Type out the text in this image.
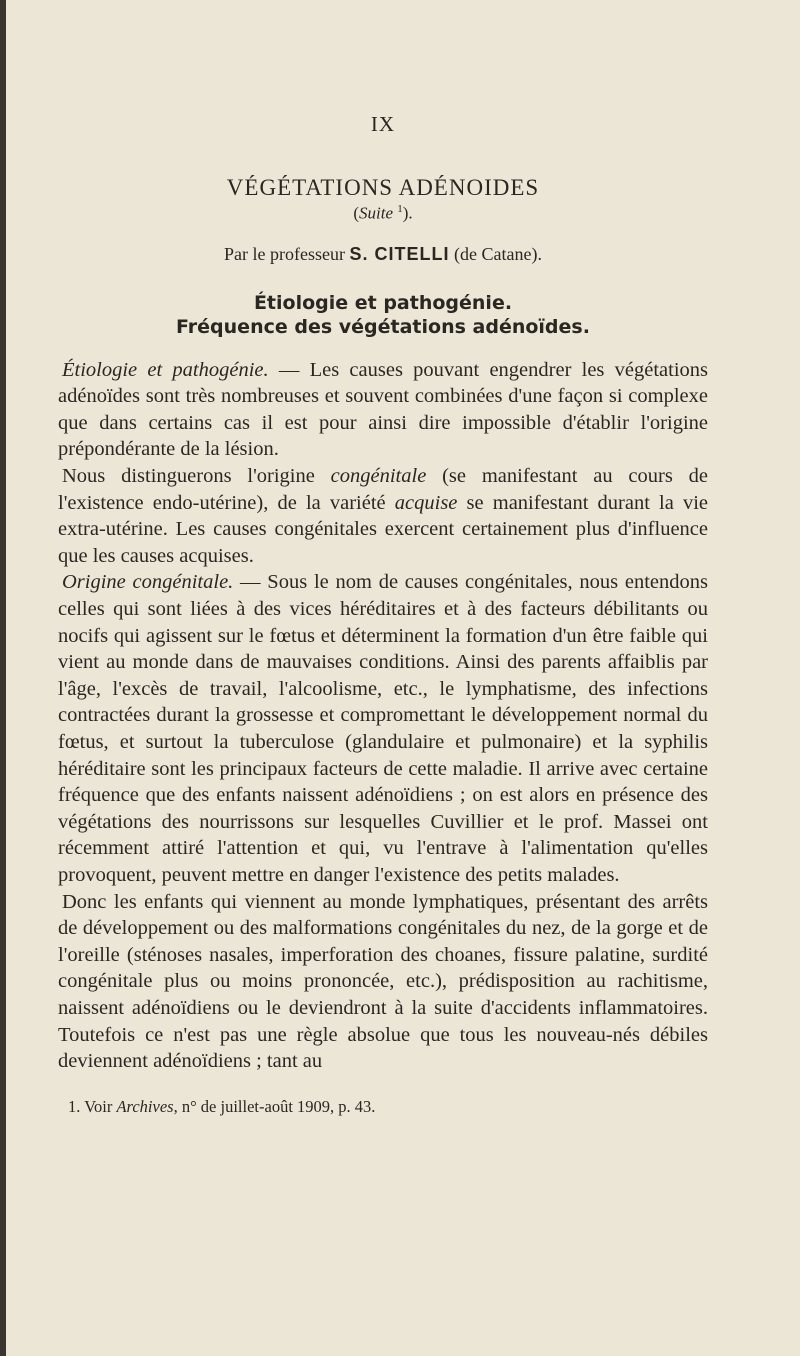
IX
VÉGÉTATIONS ADÉNOIDES
(Suite $^1$).
Par le professeur S. CITELLI (de Catane).
Étiologie et pathogénie.
Fréquence des végétations adénoïdes.

Étiologie et pathogénie. — Les causes pouvant engendrer les végétations adénoïdes sont très nombreuses et souvent combinées d'une façon si complexe que dans certains cas il est pour ainsi dire impossible d'établir l'origine prépondérante de la lésion.

Nous distinguerons l'origine congénitale (se manifestant au cours de l'existence endo-utérine), de la variété acquise se manifestant durant la vie extra-utérine. Les causes congénitales exercent certainement plus d'influence que les causes acquises.

Origine congénitale. — Sous le nom de causes congénitales, nous entendons celles qui sont liées à des vices héréditaires et à des facteurs débilitants ou nocifs qui agissent sur le fœtus et déterminent la formation d'un être faible qui vient au monde dans de mauvaises conditions. Ainsi des parents affaiblis par l'âge, l'excès de travail, l'alcoolisme, etc., le lymphatisme, des infections contractées durant la grossesse et compromettant le développement normal du fœtus, et surtout la tuberculose (glandulaire et pulmonaire) et la syphilis héréditaire sont les principaux facteurs de cette maladie. Il arrive avec certaine fréquence que des enfants naissent adénoïdiens ; on est alors en présence des végétations des nourrissons sur lesquelles Cuvillier et le prof. Massei ont récemment attiré l'attention et qui, vu l'entrave à l'alimentation qu'elles provoquent, peuvent mettre en danger l'existence des petits malades.

Donc les enfants qui viennent au monde lymphatiques, présentant des arrêts de développement ou des malformations congénitales du nez, de la gorge et de l'oreille (sténoses nasales, imperforation des choanes, fissure palatine, surdité congénitale plus ou moins prononcée, etc.), prédisposition au rachitisme, naissent adénoïdiens ou le deviendront à la suite d'accidents inflammatoires. Toutefois ce n'est pas une règle absolue que tous les nouveau-nés débiles deviennent adénoïdiens ; tant au

1. Voir Archives, n° de juillet-août 1909, p. 43.
